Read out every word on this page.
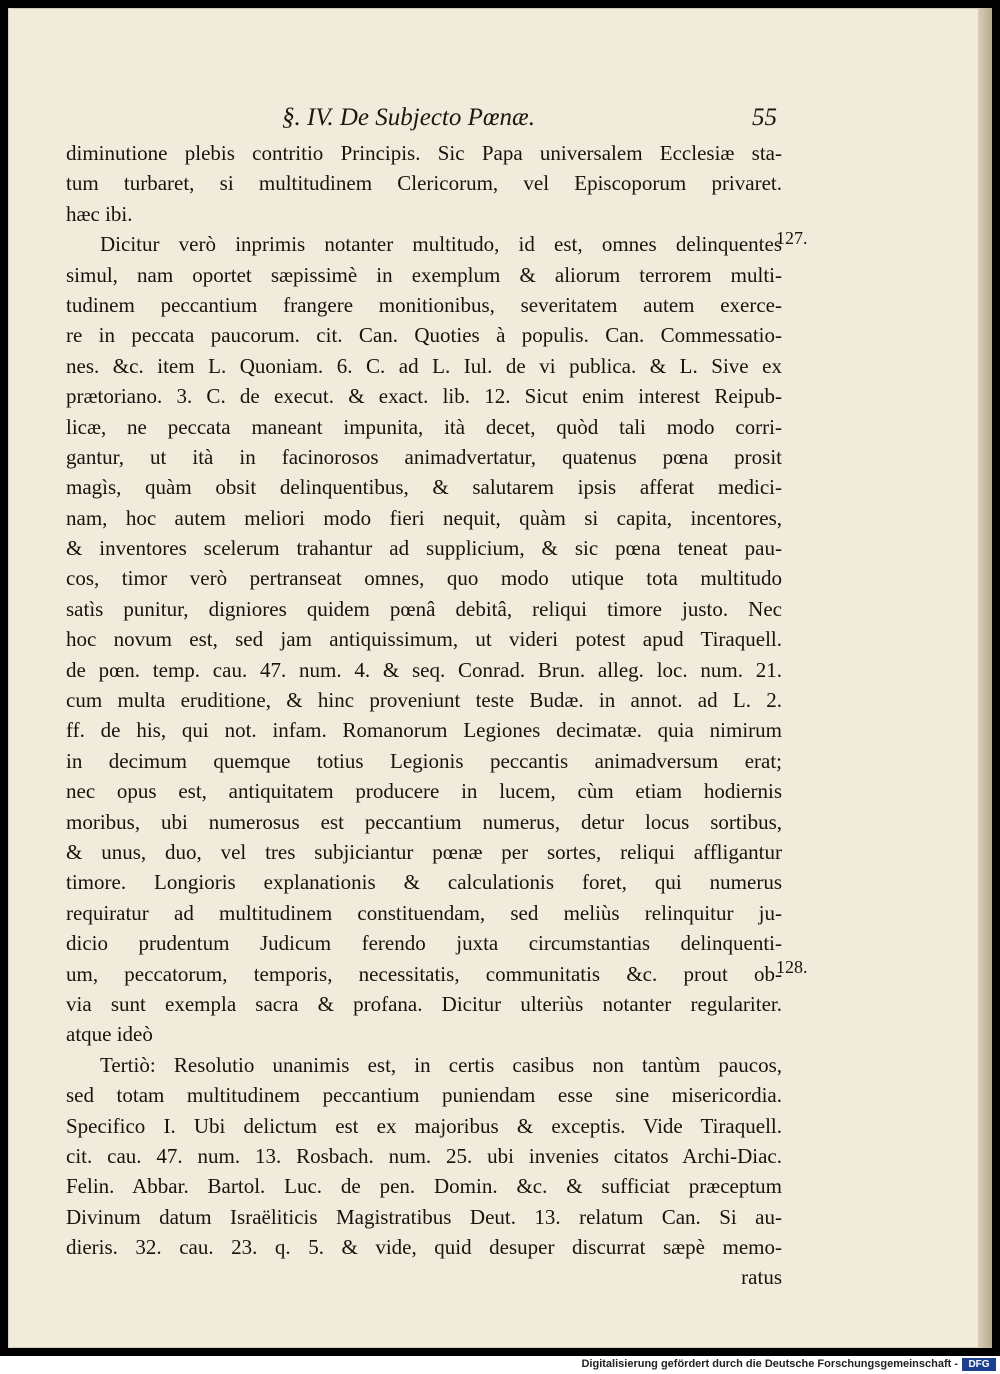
§. IV. De Subjecto Pœnæ.	55
diminutione plebis contritio Principis. Sic Papa universalem Ecclesiæ sta-
tum turbaret, si multitudinem Clericorum, vel Episcoporum privaret.
hæc ibi.
Dicitur verò inprimis notanter multitudo, id est, omnes delinquentes
simul, nam oportet sæpissimè in exemplum & aliorum terrorem multi-
tudinem peccantium frangere monitionibus, severitatem autem exerce-
re in peccata paucorum. cit. Can. Quoties à populis. Can. Commessatio-
nes. &c. item L. Quoniam. 6. C. ad L. Iul. de vi publica. & L. Sive ex
prætoriano. 3. C. de execut. & exact. lib. 12. Sicut enim interest Reipub-
licæ, ne peccata maneant impunita, ità decet, quòd tali modo corri-
gantur, ut ità in facinorosos animadvertatur, quatenus pœna prosit
magìs, quàm obsit delinquentibus, & salutarem ipsis afferat medici-
nam, hoc autem meliori modo fieri nequit, quàm si capita, incentores,
& inventores scelerum trahantur ad supplicium, & sic pœna teneat pau-
cos, timor verò pertranseat omnes, quo modo utique tota multitudo
satìs punitur, digniores quidem pœnâ debitâ, reliqui timore justo. Nec
hoc novum est, sed jam antiquissimum, ut videri potest apud Tiraquell.
de pœn. temp. cau. 47. num. 4. & seq. Conrad. Brun. alleg. loc. num. 21.
cum multa eruditione, & hinc proveniunt teste Budæ. in annot. ad L. 2.
ff. de his, qui not. infam. Romanorum Legiones decimatæ. quia nimirum
in decimum quemque totius Legionis peccantis animadversum erat;
nec opus est, antiquitatem producere in lucem, cùm etiam hodiernis
moribus, ubi numerosus est peccantium numerus, detur locus sortibus,
& unus, duo, vel tres subjiciantur pœnæ per sortes, reliqui affligantur
timore. Longioris explanationis & calculationis foret, qui numerus
requiratur ad multitudinem constituendam, sed meliùs relinquitur ju-
dicio prudentum Judicum ferendo juxta circumstantias delinquenti-
um, peccatorum, temporis, necessitatis, communitatis &c. prout ob-
via sunt exempla sacra & profana. Dicitur ulteriùs notanter regulariter.
atque ideò
Tertiò: Resolutio unanimis est, in certis casibus non tantùm paucos,
sed totam multitudinem peccantium puniendam esse sine misericordia.
Specifico I. Ubi delictum est ex majoribus & exceptis. Vide Tiraquell.
cit. cau. 47. num. 13. Rosbach. num. 25. ubi invenies citatos Archi-Diac.
Felin. Abbar. Bartol. Luc. de pen. Domin. &c. & sufficiat præceptum
Divinum datum Israëliticis Magistratibus Deut. 13. relatum Can. Si au-
dieris. 32. cau. 23. q. 5. & vide, quid desuper discurrat sæpè memo-
ratus
127.
128.
Digitalisierung gefördert durch die Deutsche Forschungsgemeinschaft -	DFG
